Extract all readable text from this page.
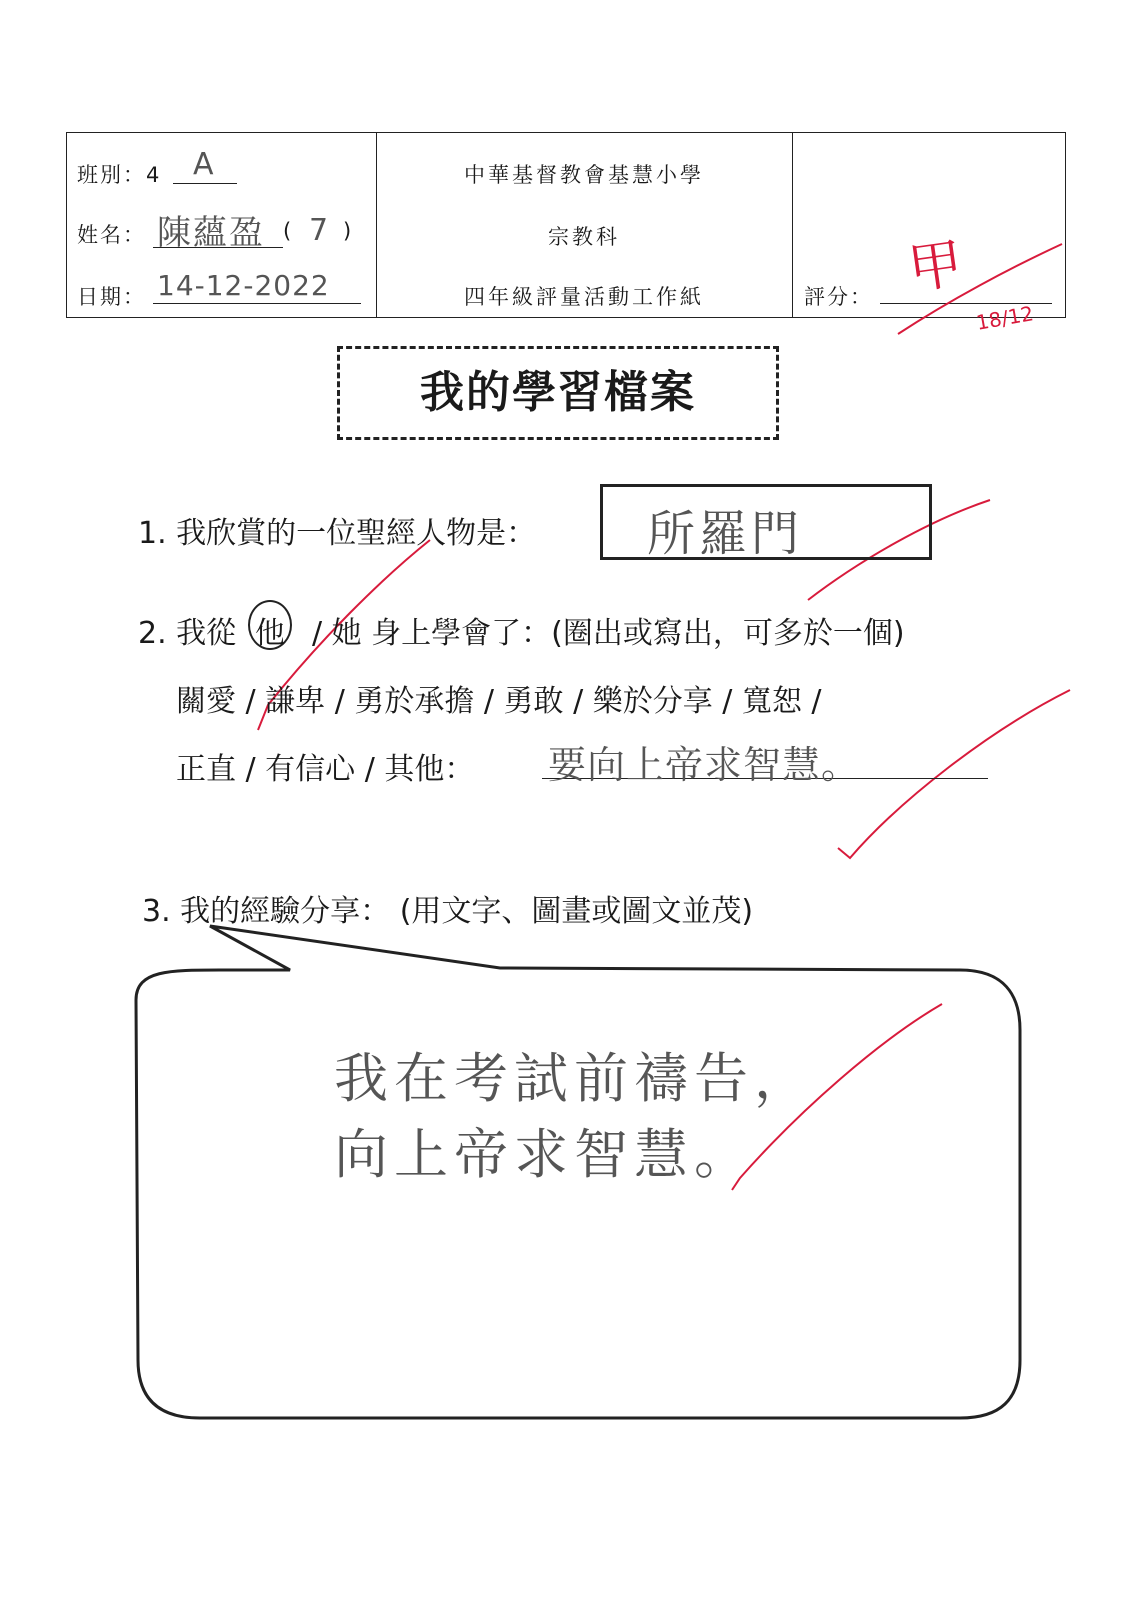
班別：4 A
姓名： 陳蘊盈 ( 7 )
日期： 14-12-2022
中華基督教會基慧小學
宗教科
四年級評量活動工作紙	評分： 甲
18/12
我的學習檔案
1. 我欣賞的一位聖經人物是： 所羅門
2. 我從 他 / 她 身上學會了：(圈出或寫出，可多於一個)
關愛 / 謙卑 / 勇於承擔 / 勇敢 / 樂於分享 / 寬恕 /
正直 / 有信心 / 其他： 要向上帝求智慧。
3. 我的經驗分享： (用文字、圖畫或圖文並茂)
我在考試前禱告，
向上帝求智慧。
